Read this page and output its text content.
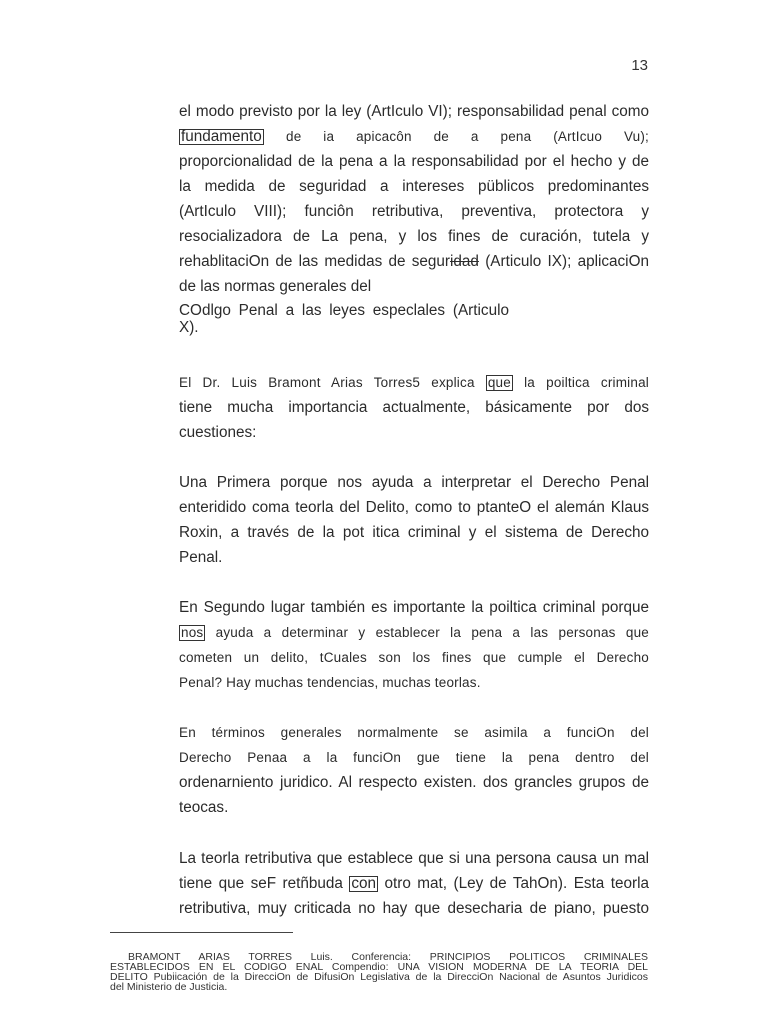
13
el modo previsto por la ley (ArtIculo VI); responsabilidad penal como
fundamento de ia apicacôn de a pena (ArtIcuo Vu);
proporcionalidad de la pena a la responsabilidad por el hecho y de
la medida de seguridad a intereses püblicos predominantes
(ArtIculo VIII); funciôn retributiva, preventiva, protectora y
resocializadora de La pena, y los fines de curación, tutela y
rehablitaciOn de las medidas de seguridad (Articulo IX); aplicaciOn
de las normas generales del
COdlgo Penal a las leyes especlales (Articulo
X).
El Dr. Luis Bramont Arias Torres5 explica que la poiltica criminal
tiene mucha importancia actualmente, básicamente por dos
cuestiones:
Una Primera porque nos ayuda a interpretar el Derecho Penal
enteridido coma teorla del Delito, como to ptanteO el alemán Klaus
Roxin, a través de la pot itica criminal y el sistema de Derecho
Penal.
En Segundo lugar también es importante la poiltica criminal porque
nos ayuda a determinar y establecer la pena a las personas que
cometen un delito, tCuales son los fines que cumple el Derecho
Penal? Hay muchas tendencias, muchas teorlas.
En términos generales normalmente se asimila a funciOn del
Derecho Penaa a la funciOn gue tiene la pena dentro del
ordenarniento juridico. Al respecto existen. dos grancles grupos de
teocas.
La teorla retributiva que establece que si una persona causa un mal
tiene que seF retñbuda con otro mat, (Ley de TahOn). Esta teorla
retributiva, muy criticada no hay que desecharia de piano, puesto
BRAMONT ARIAS TORRES Luis. Conferencia: PRINCIPIOS POLITICOS CRIMINALES
ESTABLECIDOS EN EL CODIGO ENAL Compendio: UNA VISION MODERNA DE LA TEORIA DEL
DELITO Pubiicación de la DirecciOn de DifusiOn Legislativa de la DirecciOn Nacional de Asuntos Juridicos
del Ministerio de Justicia.
